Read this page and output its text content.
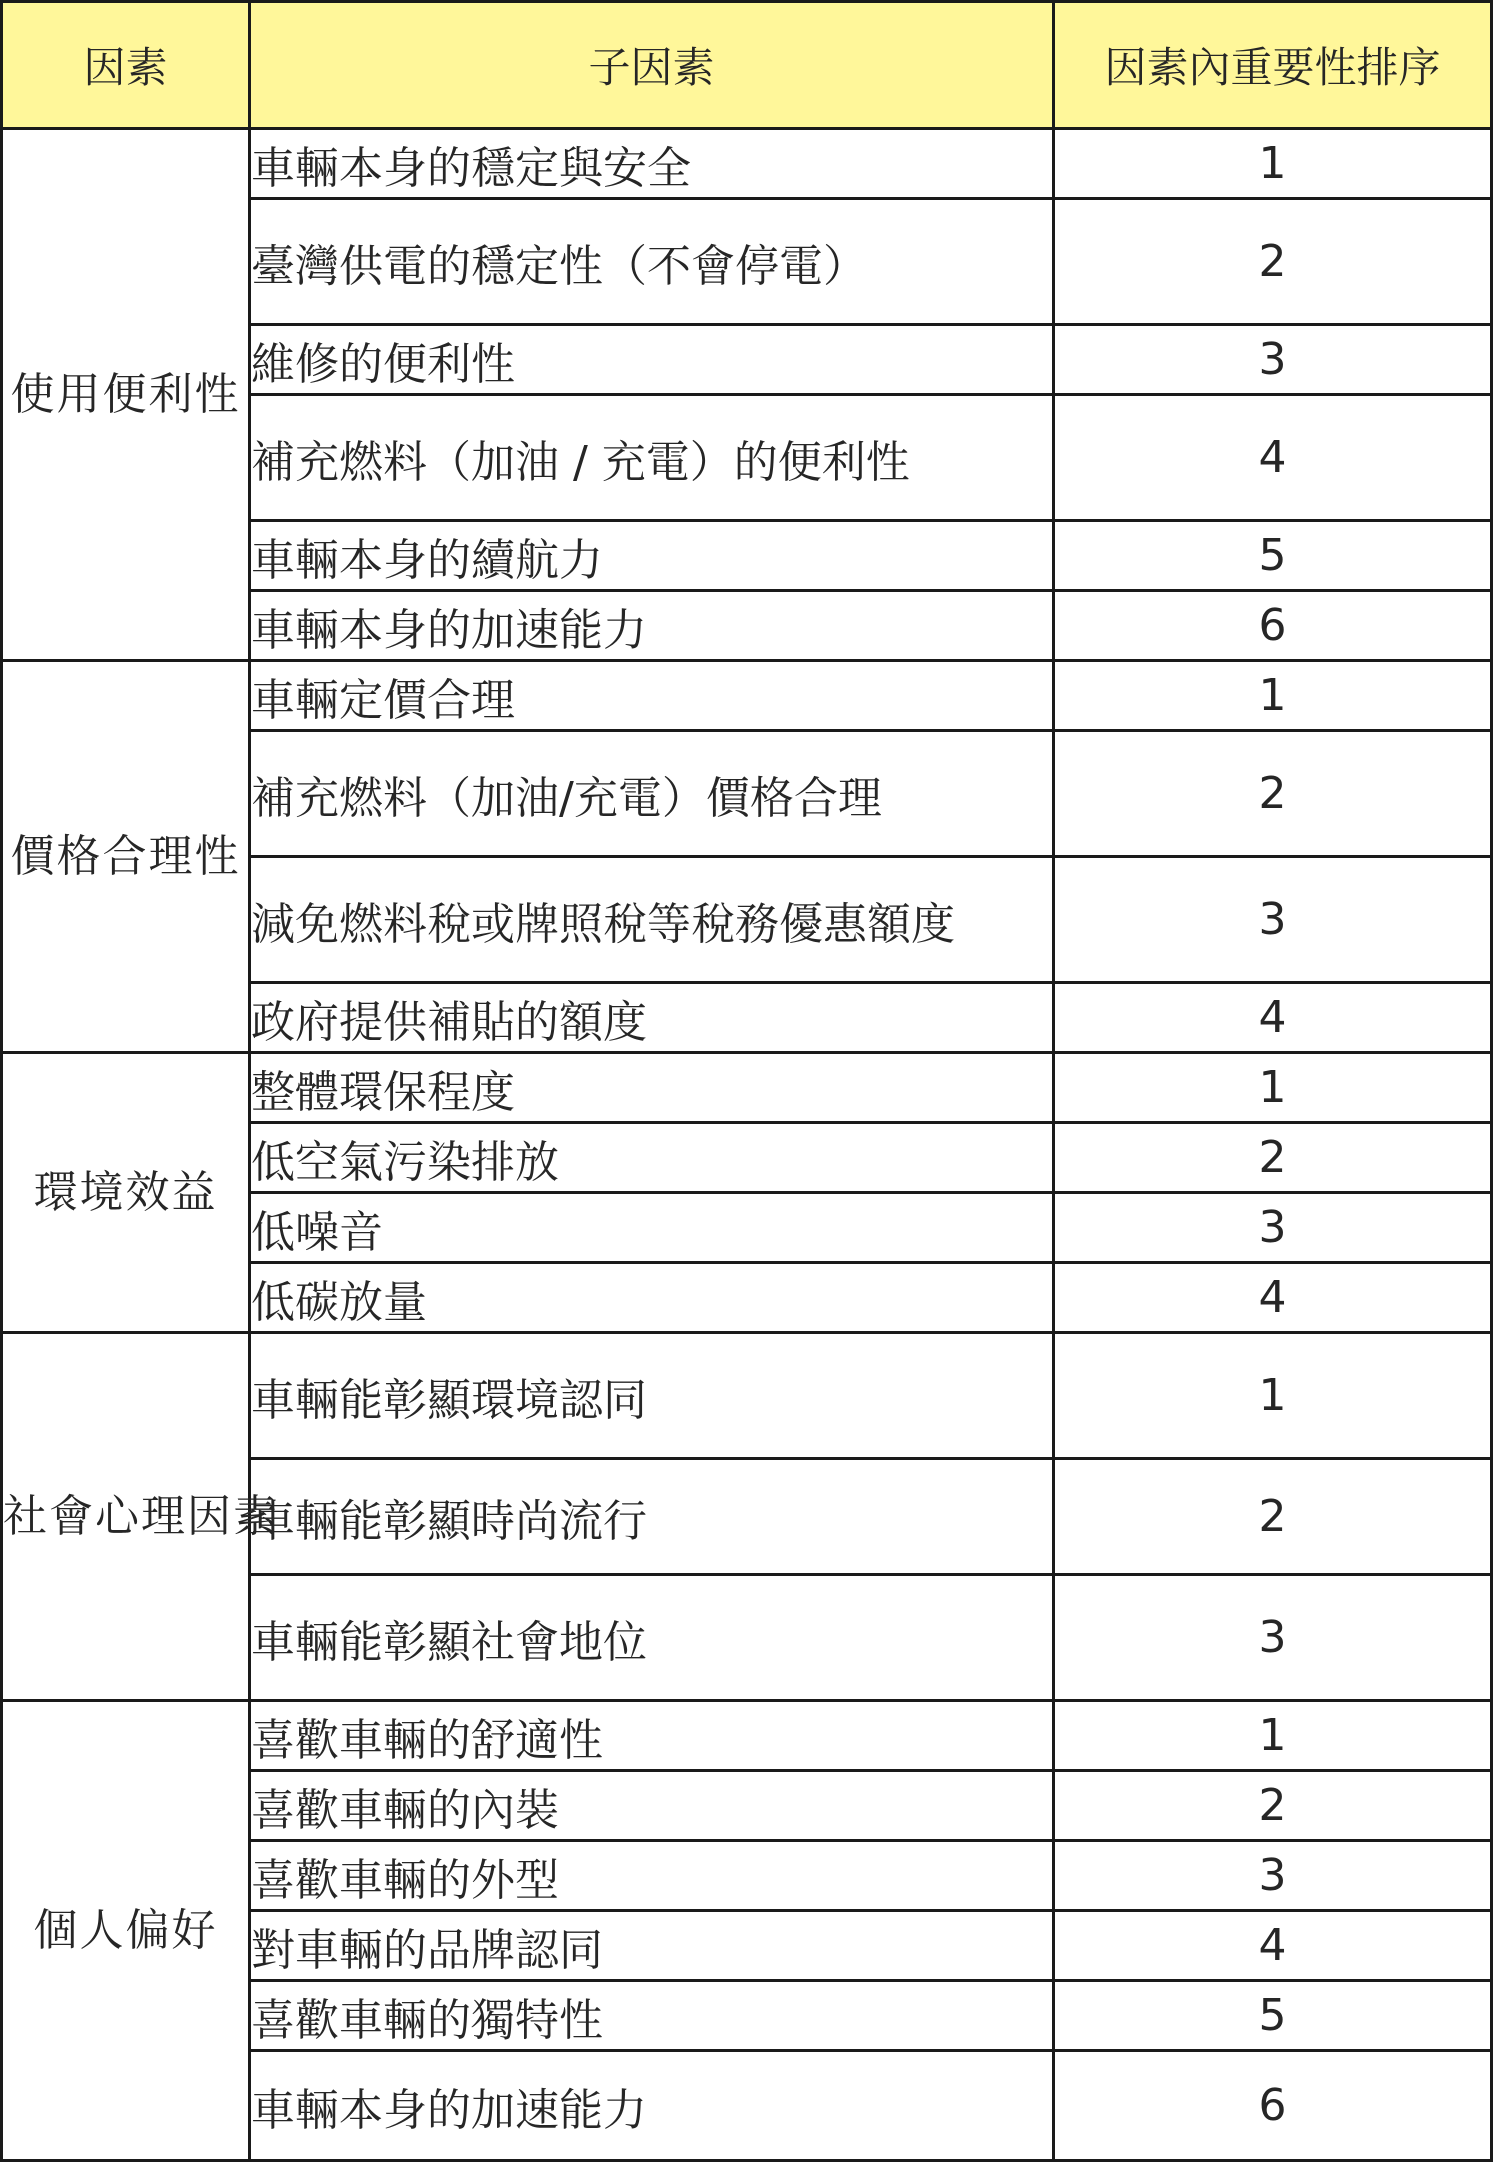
因素	子因素	因素內重要性排序
使用便利性	車輛本身的穩定與安全	1
	臺灣供電的穩定性（不會停電）	2
	維修的便利性	3
	補充燃料（加油 / 充電）的便利性	4
	車輛本身的續航力	5
	車輛本身的加速能力	6
價格合理性	車輛定價合理	1
	補充燃料（加油/充電）價格合理	2
	減免燃料稅或牌照稅等稅務優惠額度	3
	政府提供補貼的額度	4
環境效益	整體環保程度	1
	低空氣污染排放	2
	低噪音	3
	低碳放量	4
社會心理因素	車輛能彰顯環境認同	1
	車輛能彰顯時尚流行	2
	車輛能彰顯社會地位	3
個人偏好	喜歡車輛的舒適性	1
	喜歡車輛的內裝	2
	喜歡車輛的外型	3
	對車輛的品牌認同	4
	喜歡車輛的獨特性	5
	車輛本身的加速能力	6
